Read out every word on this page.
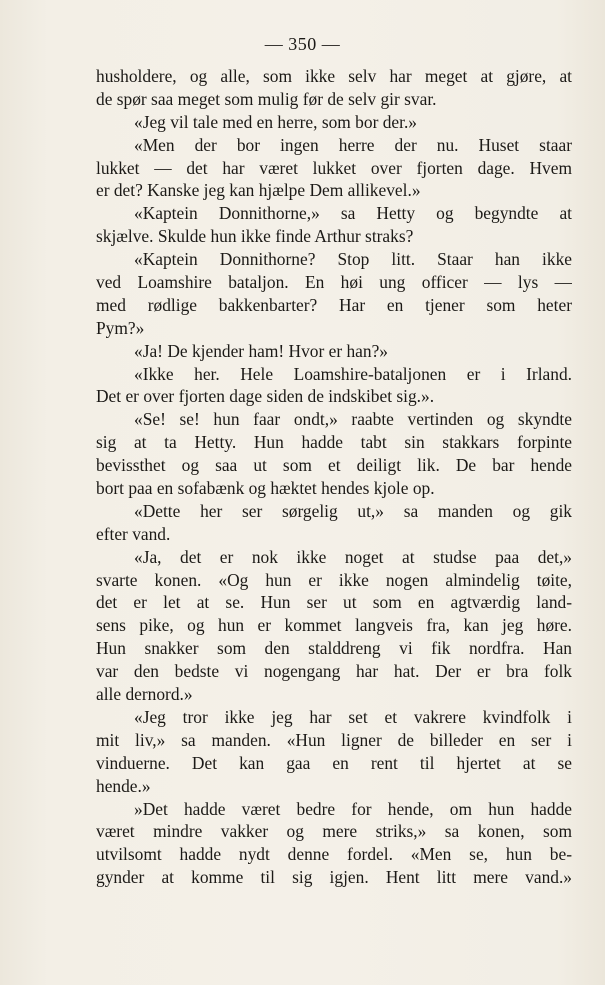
— 350 —
husholdere, og alle, som ikke selv har meget at gjøre, at
de spør saa meget som mulig før de selv gir svar.
«Jeg vil tale med en herre, som bor der.»
«Men der bor ingen herre der nu. Huset staar
lukket — det har været lukket over fjorten dage. Hvem
er det? Kanske jeg kan hjælpe Dem allikevel.»
«Kaptein Donnithorne,» sa Hetty og begyndte at
skjælve. Skulde hun ikke finde Arthur straks?
«Kaptein Donnithorne? Stop litt. Staar han ikke
ved Loamshire bataljon. En høi ung officer — lys —
med rødlige bakkenbarter? Har en tjener som heter
Pym?»
«Ja! De kjender ham! Hvor er han?»
«Ikke her. Hele Loamshire-bataljonen er i Irland.
Det er over fjorten dage siden de indskibet sig.».
«Se! se! hun faar ondt,» raabte vertinden og skyndte
sig at ta Hetty. Hun hadde tabt sin stakkars forpinte
bevissthet og saa ut som et deiligt lik. De bar hende
bort paa en sofabænk og hæktet hendes kjole op.
«Dette her ser sørgelig ut,» sa manden og gik
efter vand.
«Ja, det er nok ikke noget at studse paa det,»
svarte konen. «Og hun er ikke nogen almindelig tøite,
det er let at se. Hun ser ut som en agtværdig land-
sens pike, og hun er kommet langveis fra, kan jeg høre.
Hun snakker som den stalddreng vi fik nordfra. Han
var den bedste vi nogengang har hat. Der er bra folk
alle dernord.»
«Jeg tror ikke jeg har set et vakrere kvindfolk i
mit liv,» sa manden. «Hun ligner de billeder en ser i
vinduerne. Det kan gaa en rent til hjertet at se
hende.»
»Det hadde været bedre for hende, om hun hadde
været mindre vakker og mere striks,» sa konen, som
utvilsomt hadde nydt denne fordel. «Men se, hun be-
gynder at komme til sig igjen. Hent litt mere vand.»
